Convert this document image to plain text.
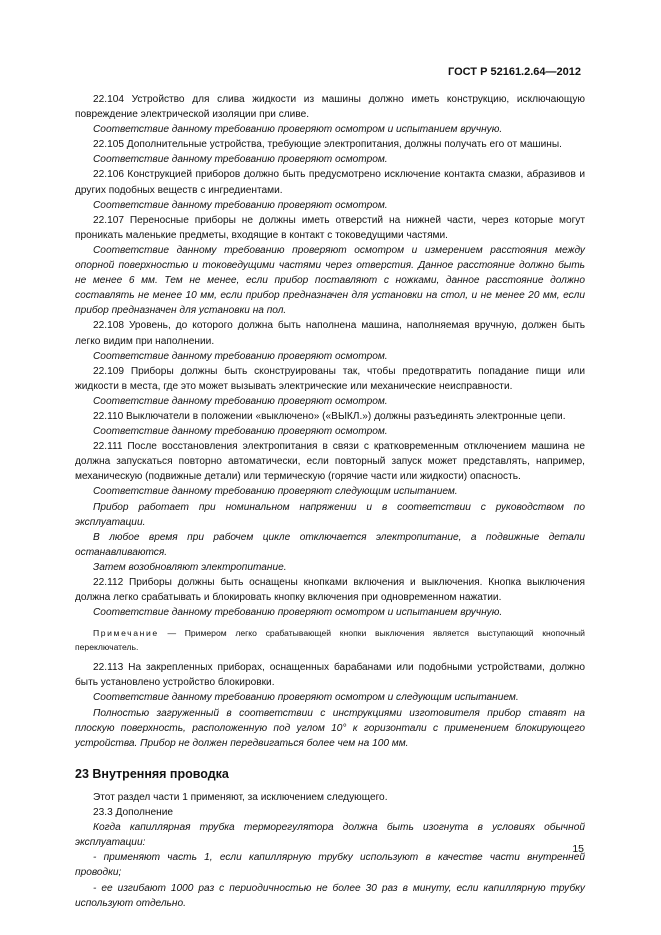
ГОСТ Р 52161.2.64—2012

22.104 Устройство для слива жидкости из машины должно иметь конструкцию, исключающую повреждение электрической изоляции при сливе.

Соответствие данному требованию проверяют осмотром и испытанием вручную.

22.105 Дополнительные устройства, требующие электропитания, должны получать его от машины.

Соответствие данному требованию проверяют осмотром.

22.106 Конструкцией приборов должно быть предусмотрено исключение контакта смазки, абразивов и других подобных веществ с ингредиентами.

Соответствие данному требованию проверяют осмотром.

22.107 Переносные приборы не должны иметь отверстий на нижней части, через которые могут проникать маленькие предметы, входящие в контакт с токоведущими частями.

Соответствие данному требованию проверяют осмотром и измерением расстояния между опорной поверхностью и токоведущими частями через отверстия. Данное расстояние должно быть не менее 6 мм. Тем не менее, если прибор поставляют с ножками, данное расстояние должно составлять не менее 10 мм, если прибор предназначен для установки на стол, и не менее 20 мм, если прибор предназначен для установки на пол.

22.108 Уровень, до которого должна быть наполнена машина, наполняемая вручную, должен быть легко видим при наполнении.

Соответствие данному требованию проверяют осмотром.

22.109 Приборы должны быть сконструированы так, чтобы предотвратить попадание пищи или жидкости в места, где это может вызывать электрические или механические неисправности.

Соответствие данному требованию проверяют осмотром.

22.110 Выключатели в положении «выключено» («ВЫКЛ.») должны разъединять электронные цепи.

Соответствие данному требованию проверяют осмотром.

22.111 После восстановления электропитания в связи с кратковременным отключением машина не должна запускаться повторно автоматически, если повторный запуск может представлять, например, механическую (подвижные детали) или термическую (горячие части или жидкости) опасность.

Соответствие данному требованию проверяют следующим испытанием.

Прибор работает при номинальном напряжении и в соответствии с руководством по эксплуатации.

В любое время при рабочем цикле отключается электропитание, а подвижные детали останавливаются.

Затем возобновляют электропитание.

22.112 Приборы должны быть оснащены кнопками включения и выключения. Кнопка выключения должна легко срабатывать и блокировать кнопку включения при одновременном нажатии.

Соответствие данному требованию проверяют осмотром и испытанием вручную.

Примечание — Примером легко срабатывающей кнопки выключения является выступающий кнопочный переключатель.

22.113 На закрепленных приборах, оснащенных барабанами или подобными устройствами, должно быть установлено устройство блокировки.

Соответствие данному требованию проверяют осмотром и следующим испытанием.

Полностью загруженный в соответствии с инструкциями изготовителя прибор ставят на плоскую поверхность, расположенную под углом 10° к горизонтали с применением блокирующего устройства. Прибор не должен передвигаться более чем на 100 мм.

23 Внутренняя проводка

Этот раздел части 1 применяют, за исключением следующего.

23.3 Дополнение

Когда капиллярная трубка терморегулятора должна быть изогнута в условиях обычной эксплуатации:

- применяют часть 1, если капиллярную трубку используют в качестве части внутренней проводки;

- ее изгибают 1000 раз с периодичностью не более 30 раз в минуту, если капиллярную трубку используют отдельно.

15
